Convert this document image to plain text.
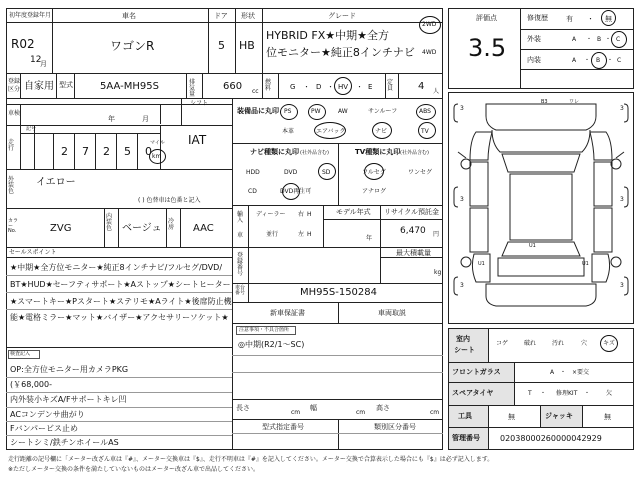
初年度登録年月
R02
12
月
車名
ワゴンR
ドア
5
形状
HB
グレード
HYBRID FX★中期★全方
位モニター★純正8インチナビ
2WD
4WD
登録
区分 自家用 型式	5AA-MH95S	排気量
660 cc
燃料	G ・ D ・ HV ・ E
定員	4 人
車検
年	月
シフト
IAT
記号
走行	2 7 2 5 0
マイル
km
外装色
イエロー
( ) 色替車は色番と記入
カラーNo.	ZVG
内装色 ベージュ
冷房	AAC
装備品に丸印 PS	PW	AW	サンルーフ	ABS
本革	エアバック	ナビ	TV
ナビ種類に丸印 (社外品含む)
HDD	DVD	SD
CD	DVD再生可
TV種類に丸印 (社外品含む)
フルセグ	ワンセグ
アナログ
輸入
車
ディーラー
並行
右 H
左 H
モデル年式
年
リサイクル預託金
6,470 円
セールスポイント
★中期★全方位モニター★純正8インチナビ/フルセグ/DVD/
BT★HUD★セーフティサポート★Aストップ★シートヒーター
★スマートキー★Pスタート★ステリモ★Aライト★後席防止機
能★電格ミラー★マット★バイザー★アクセサリーソケット★
登録番号
最大積載量
kg
車台番号	MH95S-150284
新車保証書	車両取説
注意事項・不具合箇所
◎中期(R2/1～SC)
検査記入
OP:全方位モニター用カメラPKG
(￥68,000-
内外装小キズA/Fサポートキレ凹
ACコンデンサ曲がり
Fバンパービス止め
シートシミ/鉄チンホイールAS
長さ
cm
幅
cm
高さ
cm
型式指定番号	類別区分番号
評価点
3.5
修復歴	有 ・ 無
外装	A ・ B ・ C
内装	A ・ B ・ C
3	3
3	3
3	3
B3	ワレ
U1
U1	U1
室内
シート
コゲ	破れ	汚れ	穴	キズ
フロントガラス	A ・ ×要交
スペアタイヤ	T ・ 修理KIT ・	欠
工具	無	ジャッキ	無
管理番号	02038000260000042929
走行距離の記号欄に「メーター改ざん車は『#』、メーター交換車は『$』、走行不明車は『#』を記入してください。メーター交換で合算表示した場合にも『$』は必ず記入します。
※ただしメーター交換の条件を満たしていないものはメーター改ざん車で出品してください。
